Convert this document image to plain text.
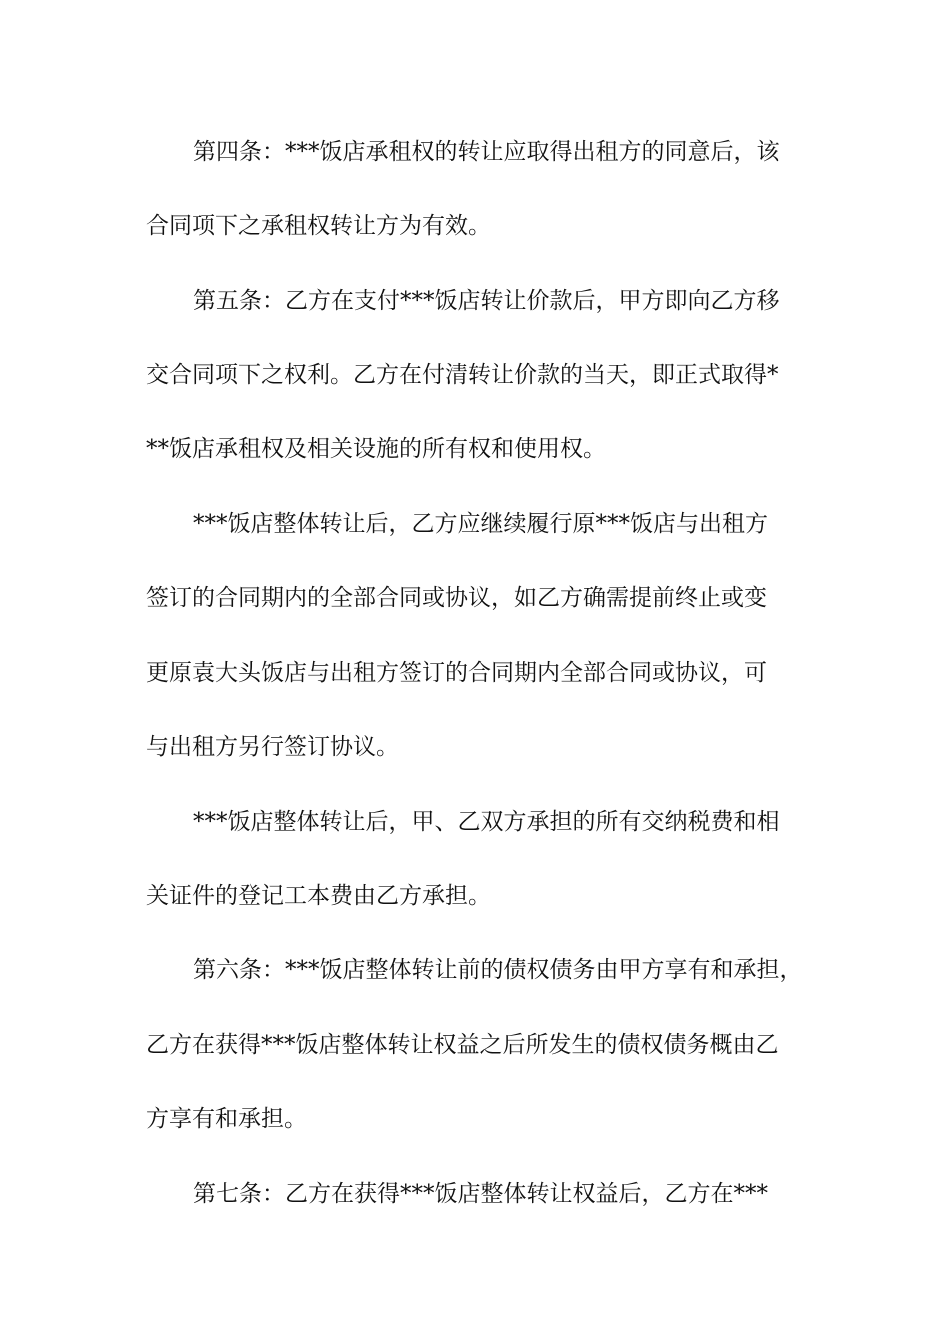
第四条：***饭店承租权的转让应取得出租方的同意后，该
合同项下之承租权转让方为有效。
第五条：乙方在支付***饭店转让价款后，甲方即向乙方移
交合同项下之权利。乙方在付清转让价款的当天，即正式取得*
**饭店承租权及相关设施的所有权和使用权。
***饭店整体转让后，乙方应继续履行原***饭店与出租方
签订的合同期内的全部合同或协议，如乙方确需提前终止或变
更原袁大头饭店与出租方签订的合同期内全部合同或协议，可
与出租方另行签订协议。
***饭店整体转让后，甲、乙双方承担的所有交纳税费和相
关证件的登记工本费由乙方承担。
第六条：***饭店整体转让前的债权债务由甲方享有和承担，
乙方在获得***饭店整体转让权益之后所发生的债权债务概由乙
方享有和承担。
第七条：乙方在获得***饭店整体转让权益后，乙方在***
